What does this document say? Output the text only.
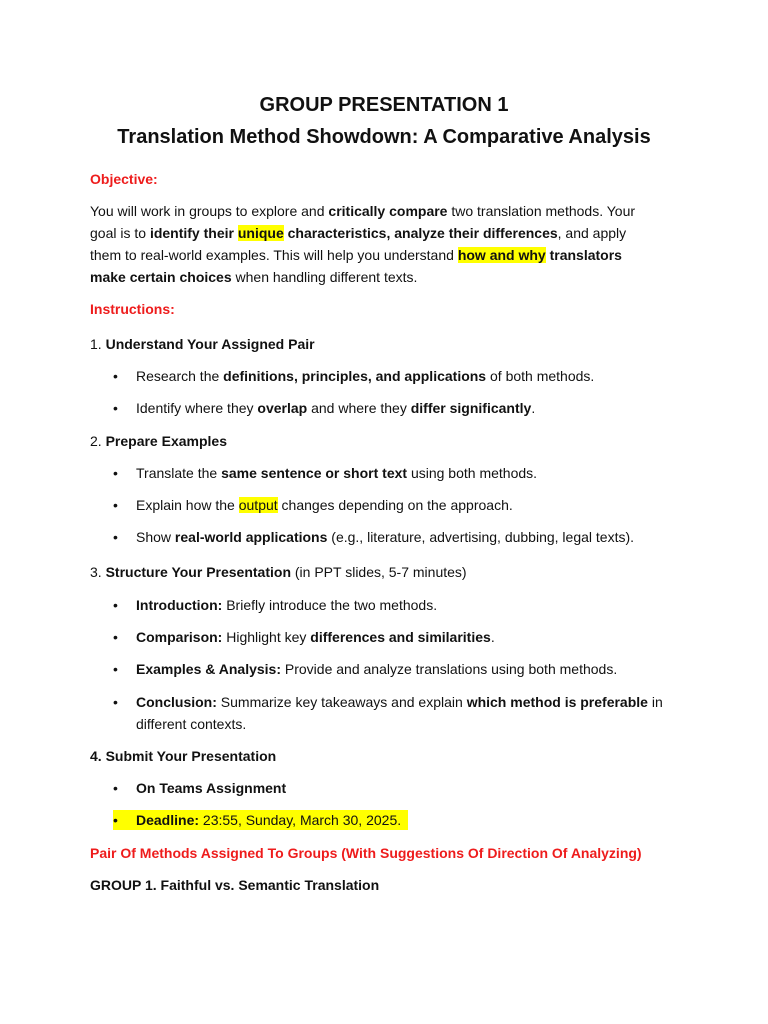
GROUP PRESENTATION 1
Translation Method Showdown: A Comparative Analysis
Objective:
You will work in groups to explore and critically compare two translation methods. Your
goal is to identify their unique characteristics, analyze their differences, and apply
them to real-world examples. This will help you understand how and why translators
make certain choices when handling different texts.
Instructions:
1. Understand Your Assigned Pair
• Research the definitions, principles, and applications of both methods.
• Identify where they overlap and where they differ significantly.
2. Prepare Examples
• Translate the same sentence or short text using both methods.
• Explain how the output changes depending on the approach.
• Show real-world applications (e.g., literature, advertising, dubbing, legal texts).
3. Structure Your Presentation (in PPT slides, 5-7 minutes)
• Introduction: Briefly introduce the two methods.
• Comparison: Highlight key differences and similarities.
• Examples & Analysis: Provide and analyze translations using both methods.
• Conclusion: Summarize key takeaways and explain which method is preferable in
different contexts.
4. Submit Your Presentation
• On Teams Assignment
• Deadline: 23:55, Sunday, March 30, 2025.
Pair Of Methods Assigned To Groups (With Suggestions Of Direction Of Analyzing)
GROUP 1. Faithful vs. Semantic Translation
